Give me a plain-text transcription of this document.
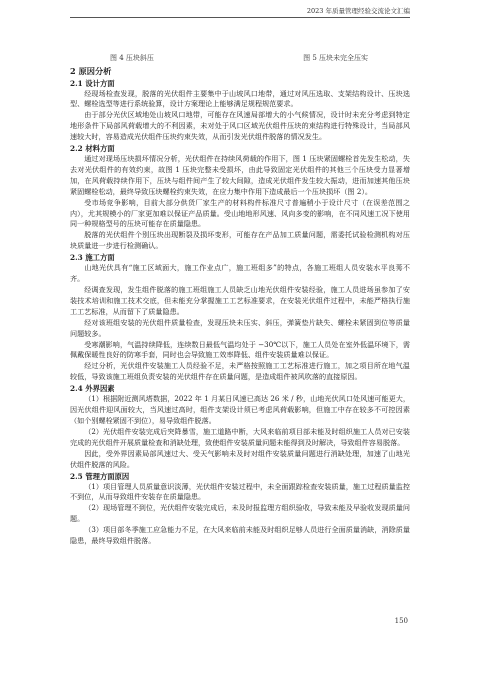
2023 年质量管理经验交流论文汇编
图 4 压块斜压	图 5 压块未完全压实
2 原因分析
2.1 设计方面

经现场检查发现，脱落的光伏组件主要集中于山坡风口地带，通过对风压选取、支架结构设计、压块选型、螺栓选型等进行系统验算，设计方案理论上能够满足规程规范要求。

由于部分光伏区域地处山坡风口地带，可能存在风速局部增大的小气候情况，设计时未充分考虑到特定地形条件下局部风荷载增大的不利因素，未对处于风口区域光伏组件压块的束结构进行特殊设计，当局部风速较大时，容易造成光伏组件压块约束失效，从而引发光伏组件脱落的情况发生。

2.2 材料方面

通过对现场压块损坏情况分析，光伏组件在持续风荷载的作用下，图 1 压块紧固螺栓首先发生松动，失去对光伏组件的有效约束，故图 1 压块完整未受损坏，由此导致固定光伏组件的其他三个压块受力显著增加，在风荷载持续作用下，压块与组件间产生了较大间隙，造成光伏组件发生较大振动，进而加速其他压块紧固螺栓松动，最终导致压块螺栓约束失效，在应力集中作用下造成最后一个压块损坏（图 2）。

受市场竞争影响，目前大部分供货厂家生产的材料构件标准尺寸普遍稍小于设计尺寸（在误差范围之内），尤其规模小的厂家更加难以保证产品质量。受山地地形风速、风向多变的影响，在不同风速工况下使用同一种规格型号的压块可能存在质量隐患。

脱落的光伏组件个别压块出现断裂及损坏变形，可能存在产品加工质量问题，需委托试验检测机构对压块质量进一步进行检测确认。

2.3 施工方面

山地光伏具有“施工区域面大，施工作业点广，施工班组多”的特点，各施工班组人员安装水平良莠不齐。

经调查发现，发生组件脱落的施工班组施工人员缺乏山地光伏组件安装经验，施工人员进场虽参加了安装技术培训和施工技术交底，但未能充分掌握施工工艺标准要求，在安装光伏组件过程中，未能严格执行施工工艺标准，从而留下了质量隐患。

经对该班组安装的光伏组件质量检查，发现压块未压实、斜压，弹簧垫片缺失、螺栓未紧固到位等质量问题较多。

受寒潮影响，气温持续降低，连续数日最低气温均处于 −30℃以下，施工人员处在室外低温环境下，需佩戴保暖性良好的防寒手套，同时也会导致施工效率降低、组件安装质量难以保证。

经过分析，光伏组件安装施工人员经验不足，未严格按照施工工艺标准进行施工，加之项目所在地气温较低，导致该施工班组负责安装的光伏组件存在质量问题，是造成组件被风吹落的直接原因。

2.4 外界因素

（1）根据附近测风塔数据，2022 年 1 月某日风速已高达 26 米 / 秒，山地光伏风口处风速可能更大，因光伏组件迎风面较大，当风速过高时，组件支架设计须已考虑风荷载影响，但施工中存在较多不可控因素（如个别螺栓紧固不到位），易导致组件脱落。

（2）光伏组件安装完成后突降暴雪，施工道路中断，大风来临前项目部未能及时组织施工人员对已安装完成的光伏组件开展质量检查和消缺处理，致使组件安装质量问题未能得到及时解决，导致组件容易脱落。

因此，受外界因素局部风速过大、受天气影响未及时对组件安装质量问题进行消缺处理，加速了山地光伏组件脱落的风险。

2.5 管理方面原因

（1）项目管理人员质量意识淡薄，光伏组件安装过程中，未全面跟踪检查安装质量，施工过程质量监控不到位，从而导致组件安装存在质量隐患。

（2）现场管理不到位，光伏组件安装完成后，未及时报监理方组织验收，导致未能及早验收发现质量问题。

（3）项目部冬季施工应急能力不足，在大风来临前未能及时组织足够人员进行全面质量消缺，消除质量隐患，最终导致组件脱落。

150
